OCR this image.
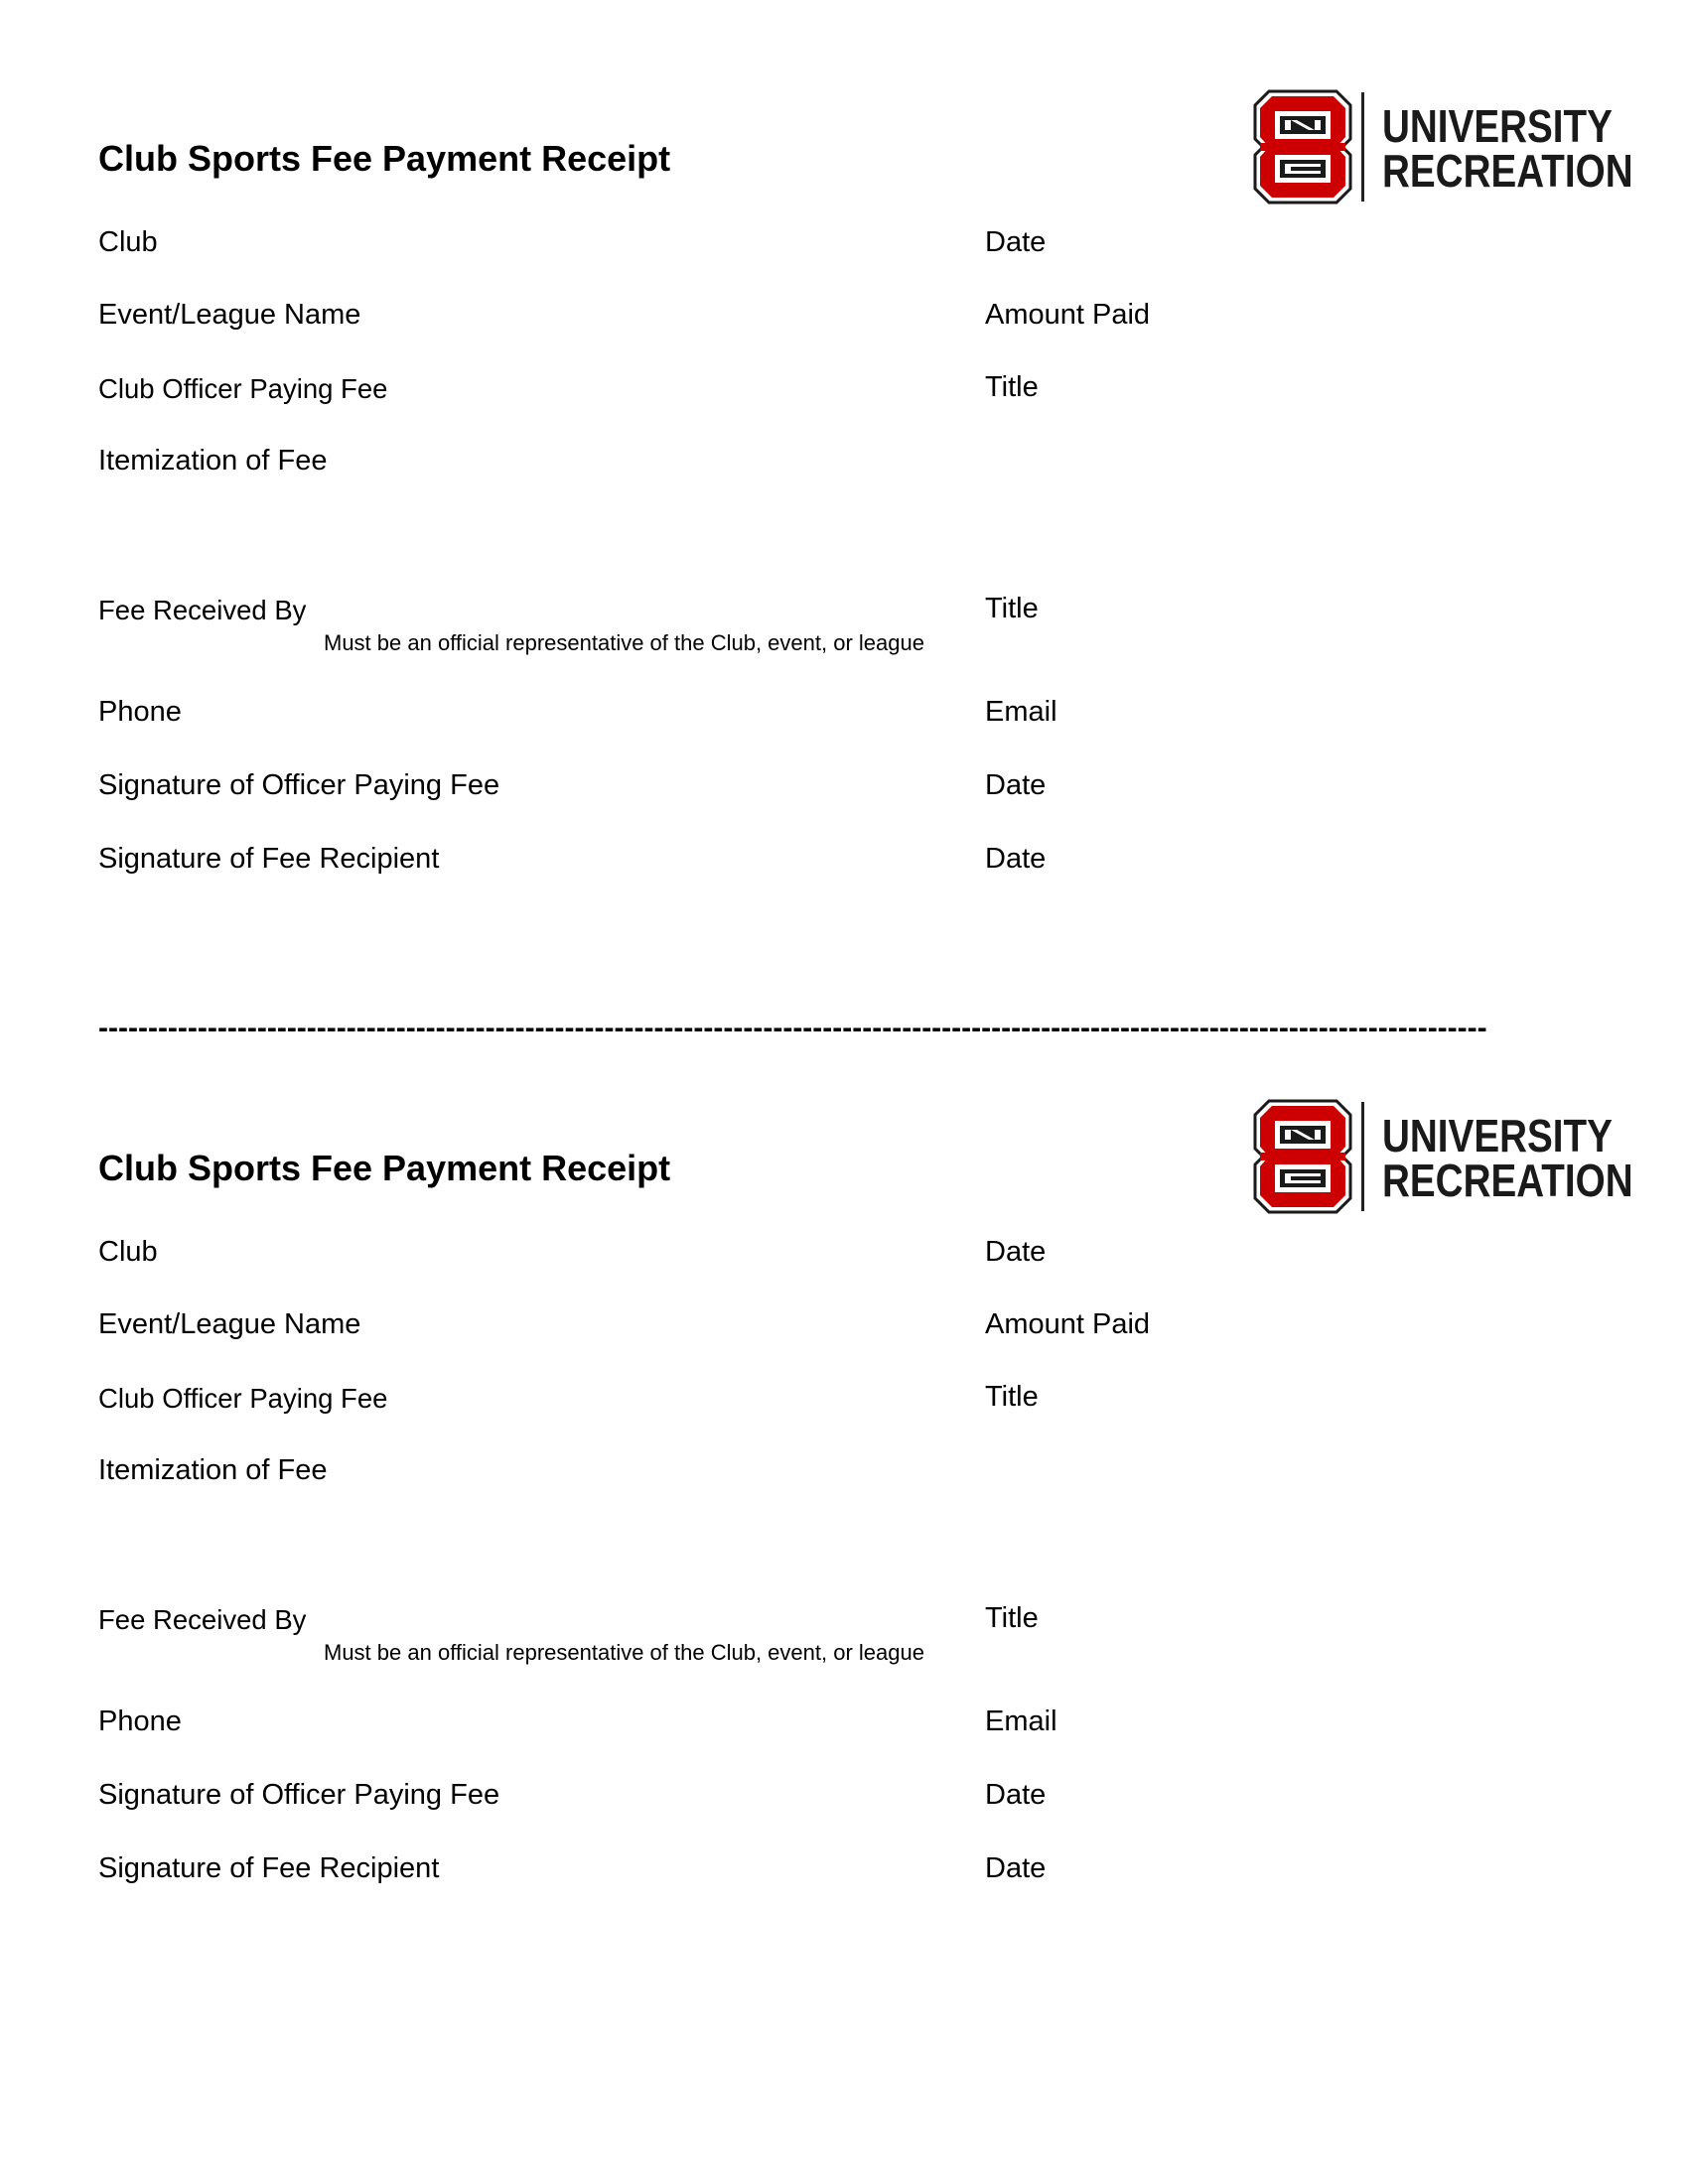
Club Sports Fee Payment Receipt
UNIVERSITY
RECREATION
Club	Date
Event/League Name	Amount Paid
Club Officer Paying Fee	Title
Itemization of Fee
Fee Received By	Title
Must be an official representative of the Club, event, or league
Phone	Email
Signature of Officer Paying Fee	Date
Signature of Fee Recipient	Date
--------------------------------------------------------------------------------------------------------------------------------------------
Club Sports Fee Payment Receipt
UNIVERSITY
RECREATION
Club	Date
Event/League Name	Amount Paid
Club Officer Paying Fee	Title
Itemization of Fee
Fee Received By	Title
Must be an official representative of the Club, event, or league
Phone	Email
Signature of Officer Paying Fee	Date
Signature of Fee Recipient	Date
